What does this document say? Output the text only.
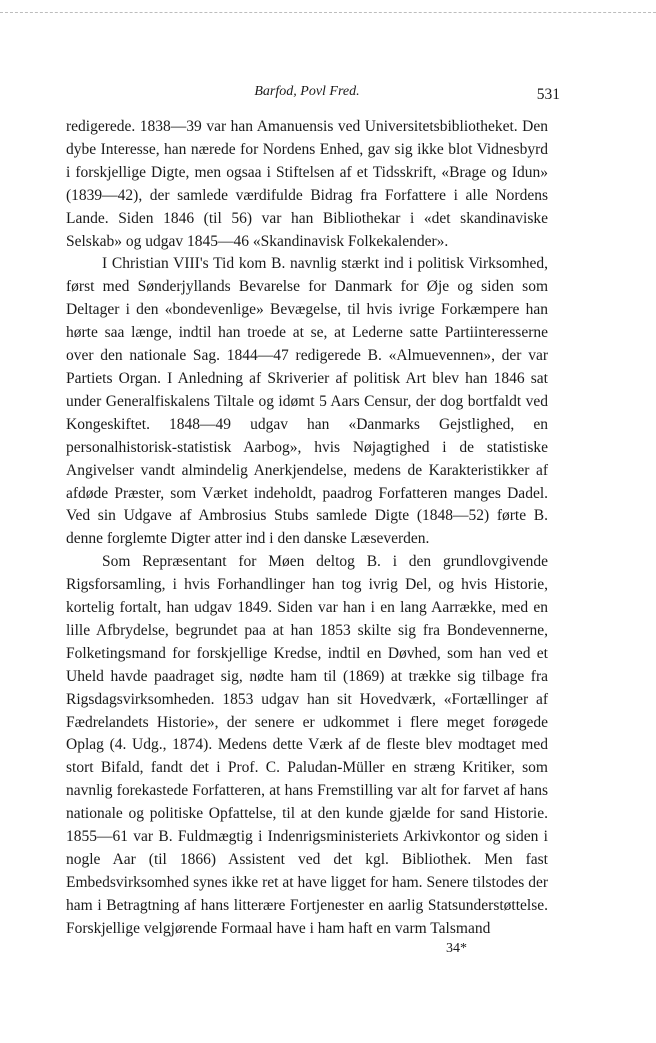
Barfod, Povl Fred.	531

redigerede. 1838—39 var han Amanuensis ved Universitetsbibliotheket. Den dybe Interesse, han nærede for Nordens Enhed, gav sig ikke blot Vidnesbyrd i forskjellige Digte, men ogsaa i Stiftelsen af et Tidsskrift, «Brage og Idun» (1839—42), der samlede værdifulde Bidrag fra Forfattere i alle Nordens Lande. Siden 1846 (til 56) var han Bibliothekar i «det skandinaviske Selskab» og udgav 1845—46 «Skandinavisk Folkekalender».

I Christian VIII's Tid kom B. navnlig stærkt ind i politisk Virksomhed, først med Sønderjyllands Bevarelse for Danmark for Øje og siden som Deltager i den «bondevenlige» Bevægelse, til hvis ivrige Forkæmpere han hørte saa længe, indtil han troede at se, at Lederne satte Partiinteresserne over den nationale Sag. 1844—47 redigerede B. «Almuevennen», der var Partiets Organ. I Anledning af Skriverier af politisk Art blev han 1846 sat under Generalfiskalens Tiltale og idømt 5 Aars Censur, der dog bortfaldt ved Kongeskiftet. 1848—49 udgav han «Danmarks Gejstlighed, en personalhistorisk-statistisk Aarbog», hvis Nøjagtighed i de statistiske Angivelser vandt almindelig Anerkjendelse, medens de Karakteristikker af afdøde Præster, som Værket indeholdt, paadrog Forfatteren manges Dadel. Ved sin Udgave af Ambrosius Stubs samlede Digte (1848—52) førte B. denne forglemte Digter atter ind i den danske Læseverden.

Som Repræsentant for Møen deltog B. i den grundlovgivende Rigsforsamling, i hvis Forhandlinger han tog ivrig Del, og hvis Historie, kortelig fortalt, han udgav 1849. Siden var han i en lang Aarrække, med en lille Afbrydelse, begrundet paa at han 1853 skilte sig fra Bondevennerne, Folketingsmand for forskjellige Kredse, indtil en Døvhed, som han ved et Uheld havde paadraget sig, nødte ham til (1869) at trække sig tilbage fra Rigsdagsvirksomheden. 1853 udgav han sit Hovedværk, «Fortællinger af Fædrelandets Historie», der senere er udkommet i flere meget forøgede Oplag (4. Udg., 1874). Medens dette Værk af de fleste blev modtaget med stort Bifald, fandt det i Prof. C. Paludan-Müller en stræng Kritiker, som navnlig forekastede Forfatteren, at hans Fremstilling var alt for farvet af hans nationale og politiske Opfattelse, til at den kunde gjælde for sand Historie. 1855—61 var B. Fuldmægtig i Indenrigsministeriets Arkivkontor og siden i nogle Aar (til 1866) Assistent ved det kgl. Bibliothek. Men fast Embedsvirksomhed synes ikke ret at have ligget for ham. Senere tilstodes der ham i Betragtning af hans litterære Fortjenester en aarlig Statsunderstøttelse. Forskjellige velgjørende Formaal have i ham haft en varm Talsmand

34*
